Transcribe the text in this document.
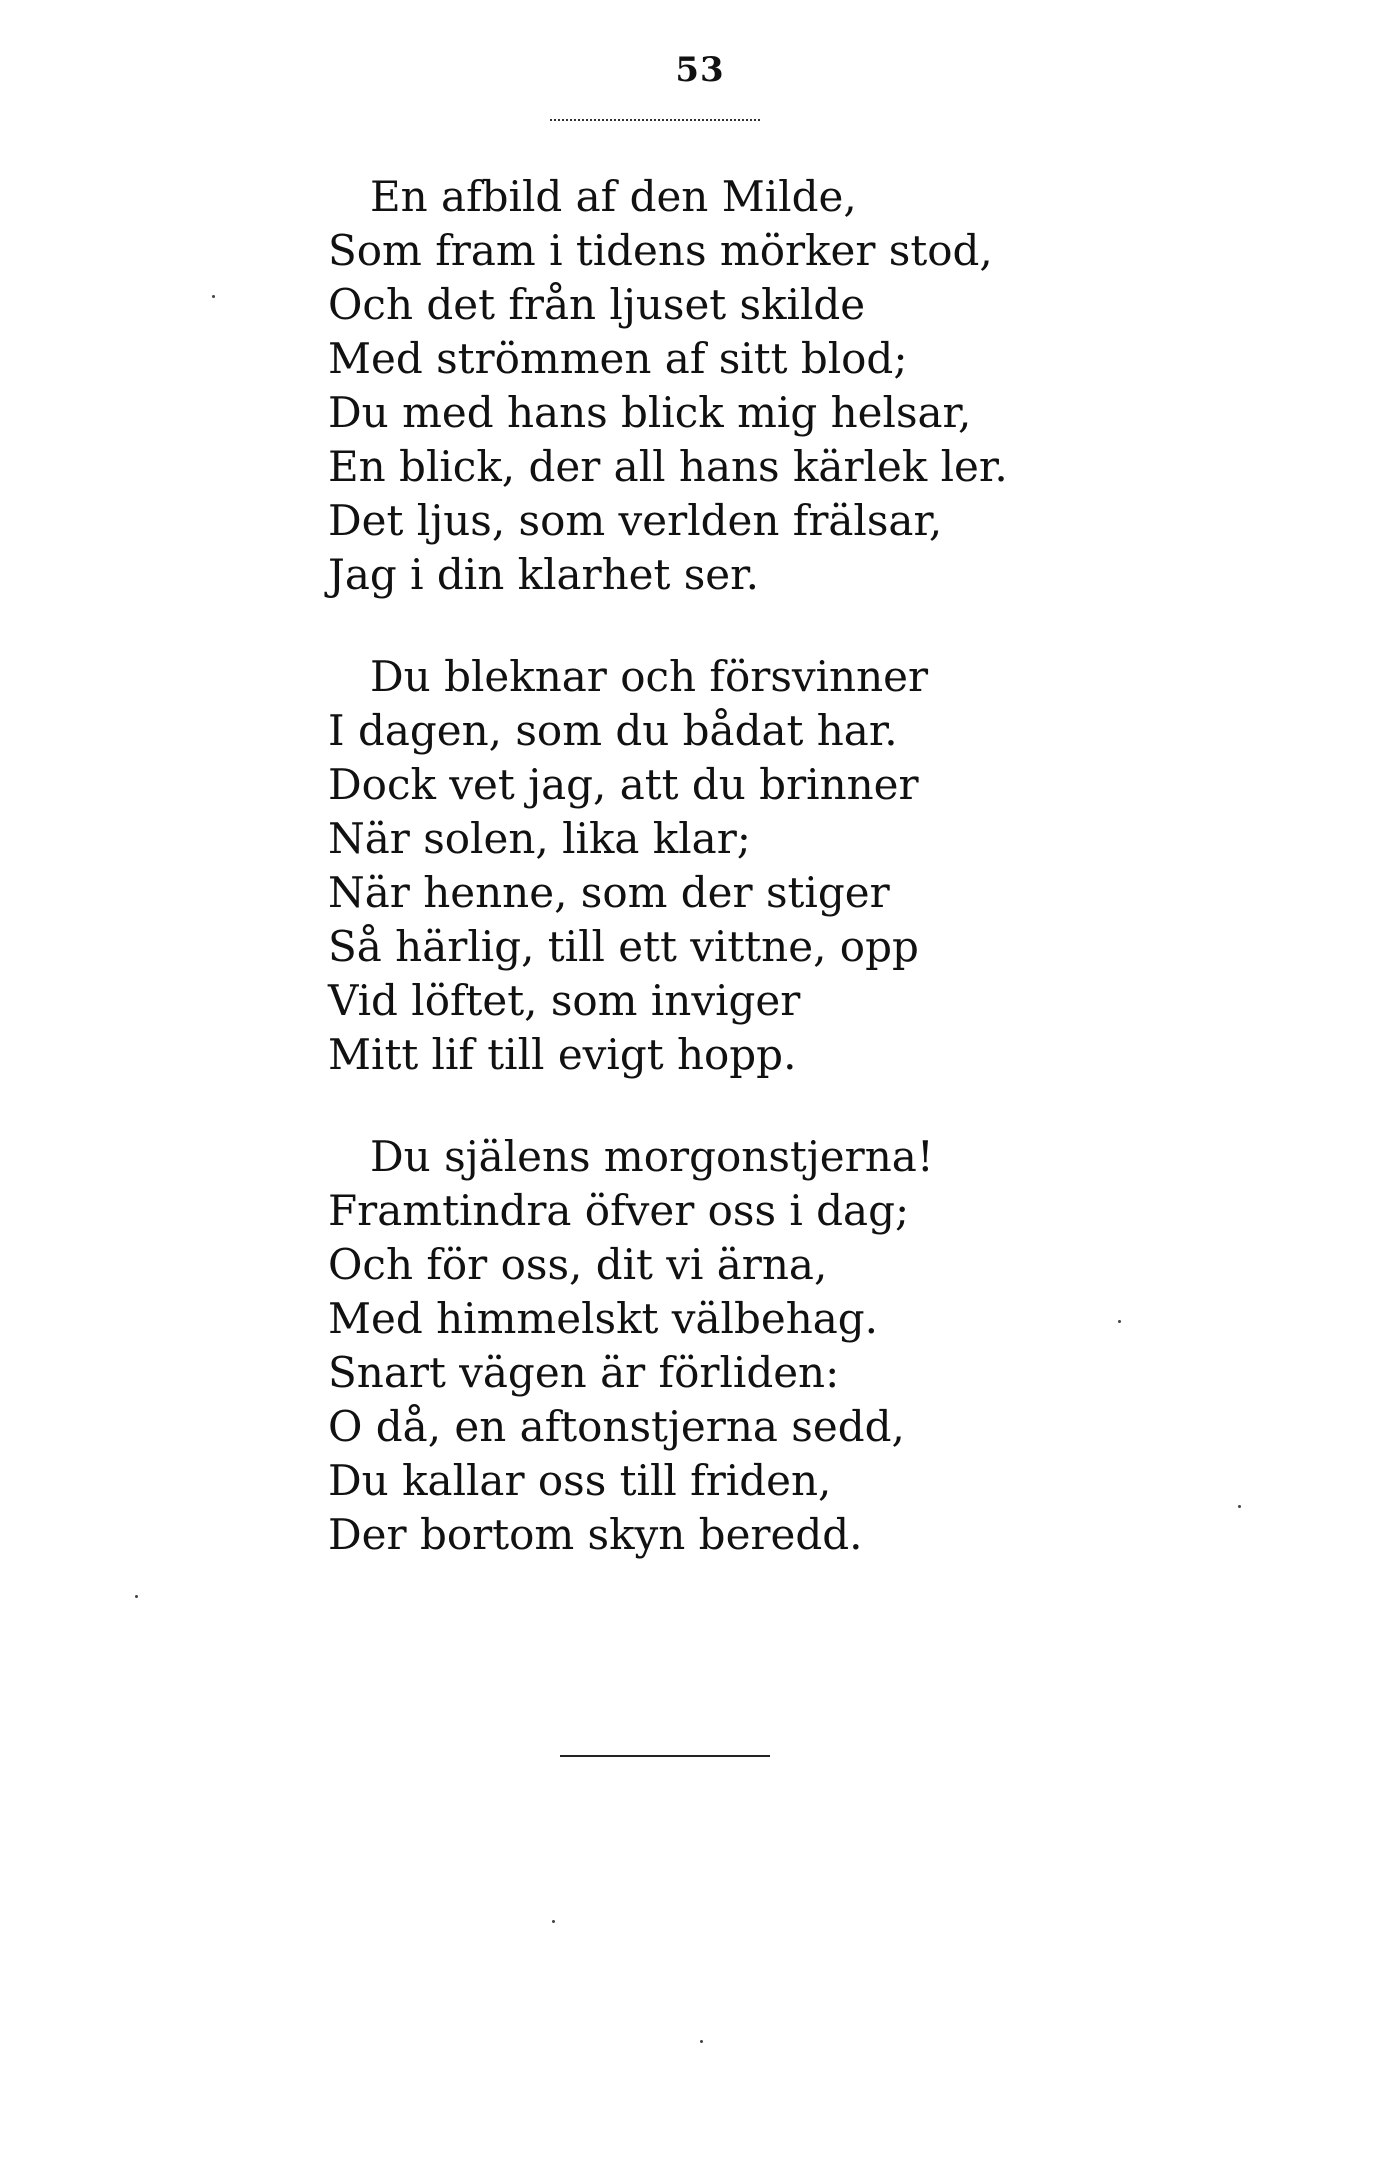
53
En afbild af den Milde,
Som fram i tidens mörker stod,
Och det från ljuset skilde
Med strömmen af sitt blod;
Du med hans blick mig helsar,
En blick, der all hans kärlek ler.
Det ljus, som verlden frälsar,
Jag i din klarhet ser.
Du bleknar och försvinner
I dagen, som du bådat har.
Dock vet jag, att du brinner
När solen, lika klar;
När henne, som der stiger
Så härlig, till ett vittne, opp
Vid löftet, som inviger
Mitt lif till evigt hopp.
Du själens morgonstjerna!
Framtindra öfver oss i dag;
Och för oss, dit vi ärna,
Med himmelskt välbehag.
Snart vägen är förliden:
O då, en aftonstjerna sedd,
Du kallar oss till friden,
Der bortom skyn beredd.
